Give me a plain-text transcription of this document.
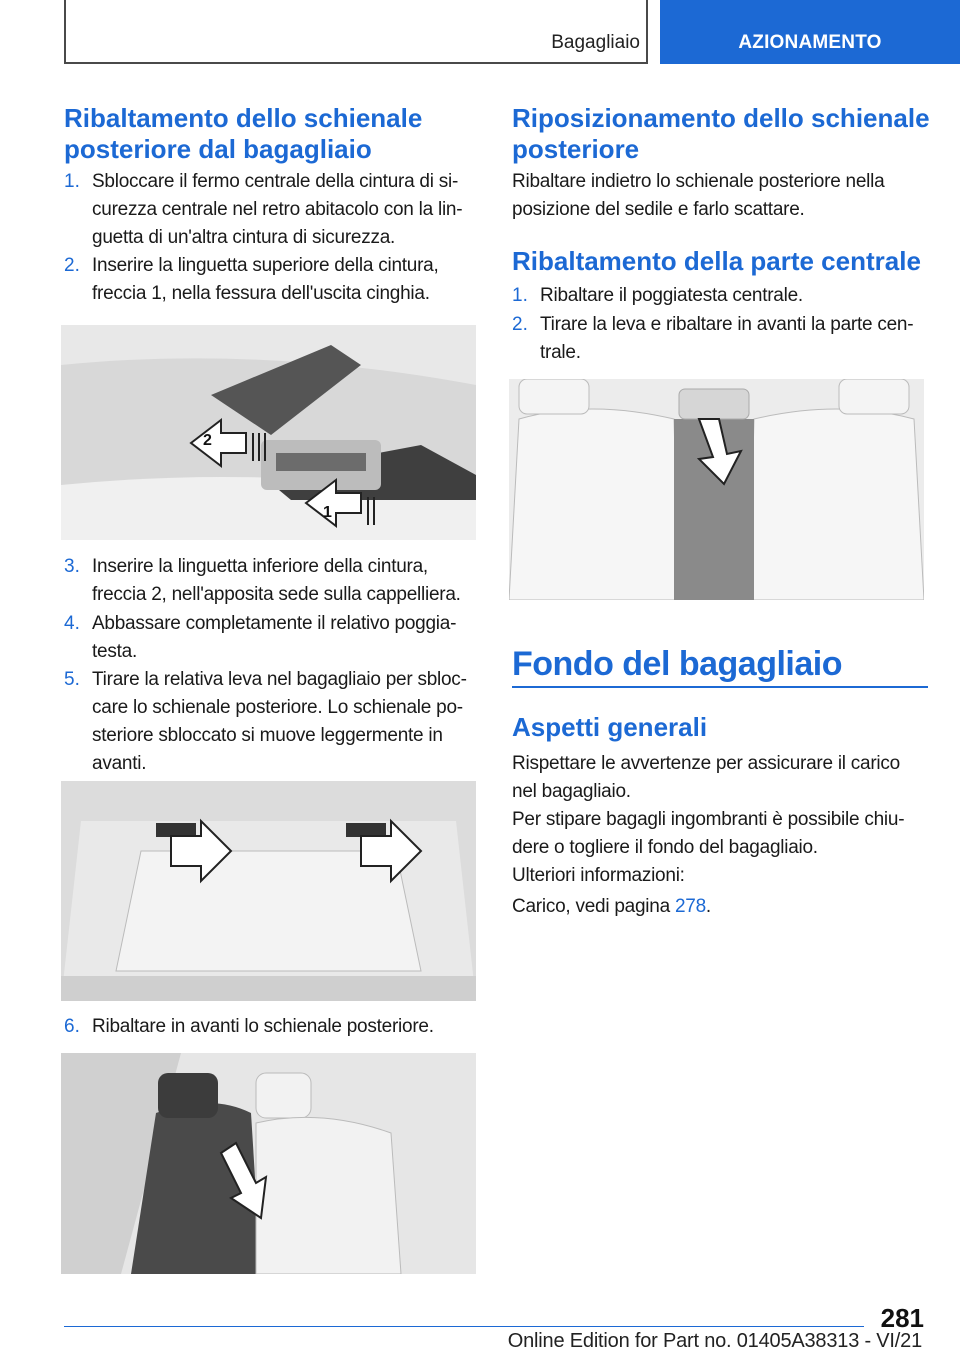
Bagagliaio	AZIONAMENTO
Ribaltamento dello schienale posteriore dal bagagliaio
1. Sbloccare il fermo centrale della cintura di sicurezza centrale nel retro abitacolo con la linguetta di un'altra cintura di sicurezza.
2. Inserire la linguetta superiore della cintura, freccia 1, nella fessura dell'uscita cinghia.
2
1
3. Inserire la linguetta inferiore della cintura, freccia 2, nell'apposita sede sulla cappelliera.
4. Abbassare completamente il relativo poggiatesta.
5. Tirare la relativa leva nel bagagliaio per sbloccare lo schienale posteriore. Lo schienale posteriore sbloccato si muove leggermente in avanti.
6. Ribaltare in avanti lo schienale posteriore.
Riposizionamento dello schienale posteriore
Ribaltare indietro lo schienale posteriore nella posizione del sedile e farlo scattare.
Ribaltamento della parte centrale
1. Ribaltare il poggiatesta centrale.
2. Tirare la leva e ribaltare in avanti la parte centrale.
Fondo del bagagliaio
Aspetti generali
Rispettare le avvertenze per assicurare il carico nel bagagliaio.
Per stipare bagagli ingombranti è possibile chiudere o togliere il fondo del bagagliaio.
Ulteriori informazioni:
Carico, vedi pagina 278.
281
Online Edition for Part no. 01405A38313 - VI/21
